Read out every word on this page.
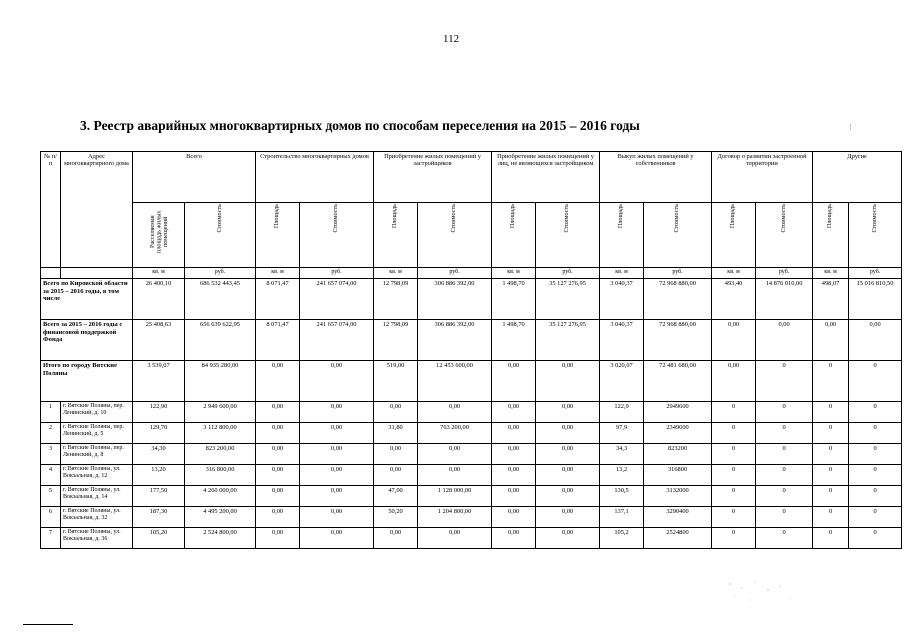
112
3. Реестр аварийных многоквартирных домов по способам переселения на 2015 – 2016 годы	⁝
№ п/п	Адрес многоквартирного дома	Всего		Строительство многоквартирных домов		Приобретение жилых помещений у застройщиков		Приобретение жилых помещений у лиц, не являющихся застройщиком		Выкуп жилых помещений у собственников		Договор о развитии застроенной территории		Другие	
		Расселяемая площадь жилых помещений	Стоимость	Площадь	Стоимость	Площадь	Стоимость	Площадь	Стоимость	Площадь	Стоимость	Площадь	Стоимость	Площадь	Стоимость
		кв. м	руб.	кв. м	руб.	кв. м	руб.	кв. м	руб.	кв. м	руб.	кв. м	руб.	кв. м	руб.
Всего по Кировской области за 2015 – 2016 годы, в том числе		26 400,10	686 532 443,45	8 071,47	241 657 074,00	12 798,09	306 886 392,00	1 498,70	35 127 276,95	3 040,37	72 968 880,00	493,40	14 876 010,00	498,07	15 016 810,50
Всего за 2015 – 2016 годы с финансовой поддержкой Фонда		25 408,63	656 639 622,95	8 071,47	241 657 074,00	12 798,09	306 886 392,00	1 498,70	35 127 276,95	3 040,37	72 968 880,00	0,00	0,00	0,00	0,00
Итого по городу Вятские Поляны		3 539,07	84 935 280,00	0,00	0,00	519,00	12 453 600,00	0,00	0,00	3 020,07	72 481 680,00	0,00	0	0	0
1	г. Вятские Поляны, пер. Ленинский, д. 10	122,90	2 949 600,00	0,00	0,00	0,00	0,00	0,00	0,00	122,9	2949600	0	0	0	0
2	г. Вятские Поляны, пер. Ленинский, д. 5	129,70	3 112 800,00	0,00	0,00	31,80	763 200,00	0,00	0,00	97,9	2349600	0	0	0	0
3	г. Вятские Поляны, пер. Ленинский, д. 8	34,30	823 200,00	0,00	0,00	0,00	0,00	0,00	0,00	34,3	823200	0	0	0	0
4	г. Вятские Поляны, ул. Вокзальная, д. 12	13,20	316 800,00	0,00	0,00	0,00	0,00	0,00	0,00	13,2	316800	0	0	0	0
5	г. Вятские Поляны, ул. Вокзальная, д. 14	177,50	4 260 000,00	0,00	0,00	47,00	1 128 000,00	0,00	0,00	130,5	3132000	0	0	0	0
6	г. Вятские Поляны, ул. Вокзальная, д. 32	187,30	4 495 200,00	0,00	0,00	50,20	1 204 800,00	0,00	0,00	137,1	3290400	0	0	0	0
7	г. Вятские Поляны, ул. Вокзальная, д. 36	105,20	2 524 800,00	0,00	0,00	0,00	0,00	0,00	0,00	105,2	2524800	0	0	0	0
